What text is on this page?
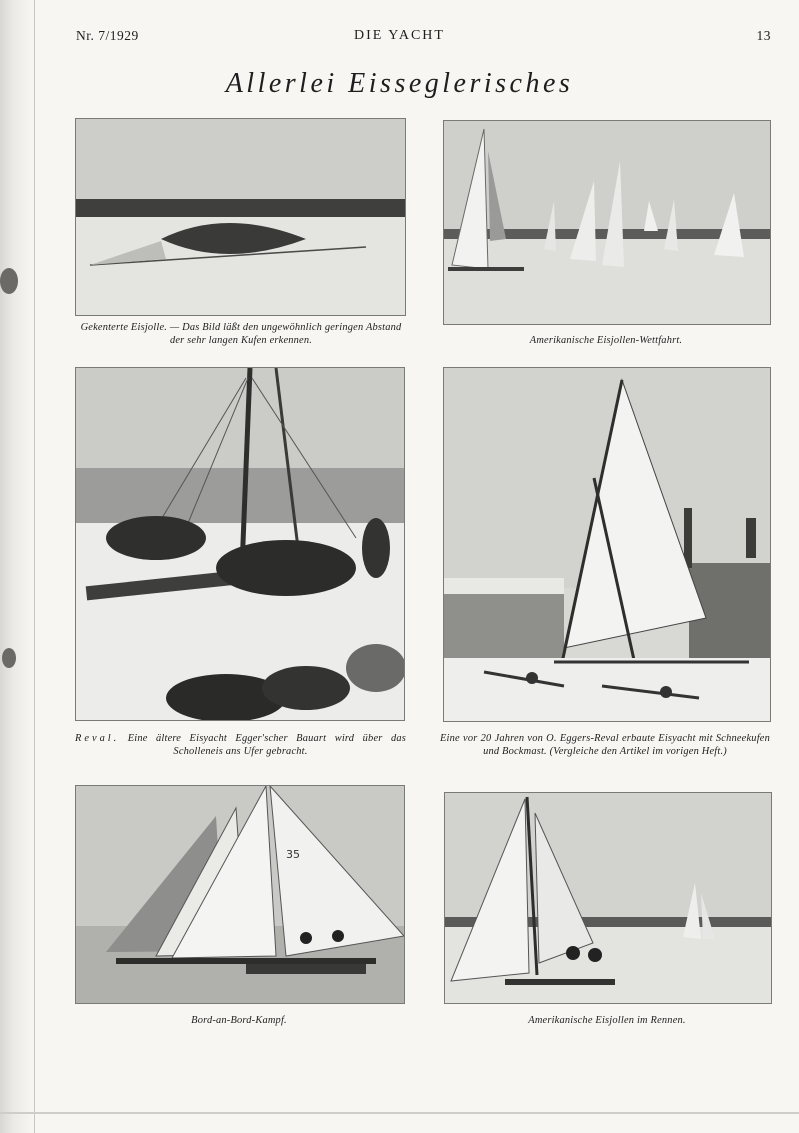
Nr. 7/1929	DIE YACHT	13
Allerlei Eisseglerisches
Gekenterte Eisjolle. — Das Bild läßt den ungewöhnlich geringen Abstand der sehr langen Kufen erkennen.	Amerikanische Eisjollen-Wettfahrt.
Reval. Eine ältere Eisyacht Egger'scher Bauart wird über das Scholleneis ans Ufer gebracht.
Eine vor 20 Jahren von O. Eggers-Reval erbaute Eisyacht mit Schneekufen und Bockmast. (Vergleiche den Artikel im vorigen Heft.)
35
Bord-an-Bord-Kampf.	Amerikanische Eisjollen im Rennen.
